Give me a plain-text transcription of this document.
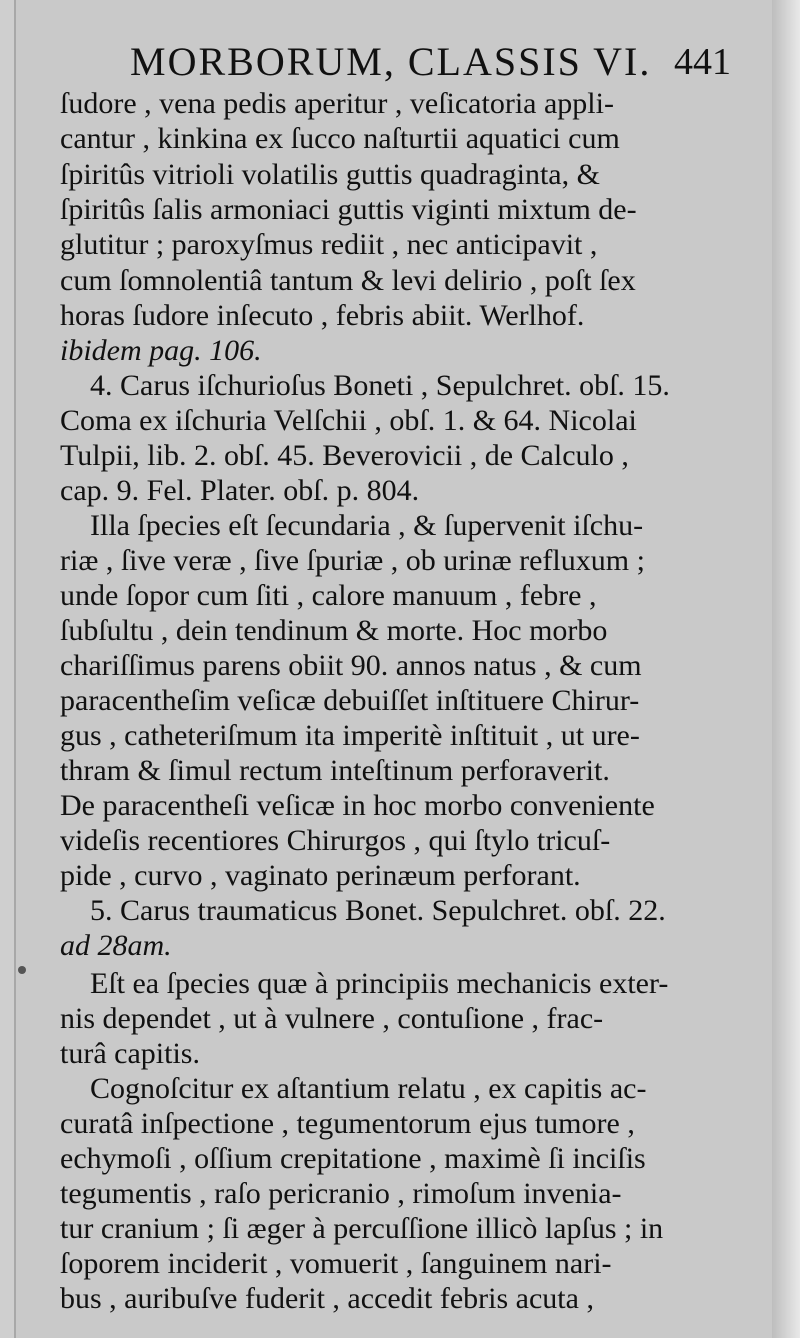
MORBORUM, CLASSIS VI. 441
ſudore , vena pedis aperitur , veſicatoria appli-
cantur , kinkina ex ſucco naſturtii aquatici cum
ſpiritûs vitrioli volatilis guttis quadraginta, &
ſpiritûs ſalis armoniaci guttis viginti mixtum de-
glutitur ; paroxyſmus rediit , nec anticipavit ,
cum ſomnolentiâ tantum & levi delirio , poſt ſex
horas ſudore inſecuto , febris abiit. Werlhof.
ibidem pag. 106.
4. Carus iſchurioſus Boneti , Sepulchret. obſ. 15.
Coma ex iſchuria Velſchii , obſ. 1. & 64. Nicolai
Tulpii, lib. 2. obſ. 45. Beverovicii , de Calculo ,
cap. 9. Fel. Plater. obſ. p. 804.
Illa ſpecies eſt ſecundaria , & ſupervenit iſchu-
riæ , ſive veræ , ſive ſpuriæ , ob urinæ refluxum ;
unde ſopor cum ſiti , calore manuum , febre ,
ſubſultu , dein tendinum & morte. Hoc morbo
chariſſimus parens obiit 90. annos natus , & cum
paracentheſim veſicæ debuiſſet inſtituere Chirur-
gus , catheteriſmum ita imperitè inſtituit , ut ure-
thram & ſimul rectum inteſtinum perforaverit.
De paracentheſi veſicæ in hoc morbo conveniente
videſis recentiores Chirurgos , qui ſtylo tricuſ-
pide , curvo , vaginato perinæum perforant.
5. Carus traumaticus Bonet. Sepulchret. obſ. 22.
ad 28am.
Eſt ea ſpecies quæ à principiis mechanicis exter-
nis dependet , ut à vulnere , contuſione , frac-
turâ capitis.
Cognoſcitur ex aſtantium relatu , ex capitis ac-
curatâ inſpectione , tegumentorum ejus tumore ,
echymoſi , oſſium crepitatione , maximè ſi inciſis
tegumentis , raſo pericranio , rimoſum invenia-
tur cranium ; ſi æger à percuſſione illicò lapſus ; in
ſoporem inciderit , vomuerit , ſanguinem nari-
bus , auribuſve fuderit , accedit febris acuta ,
